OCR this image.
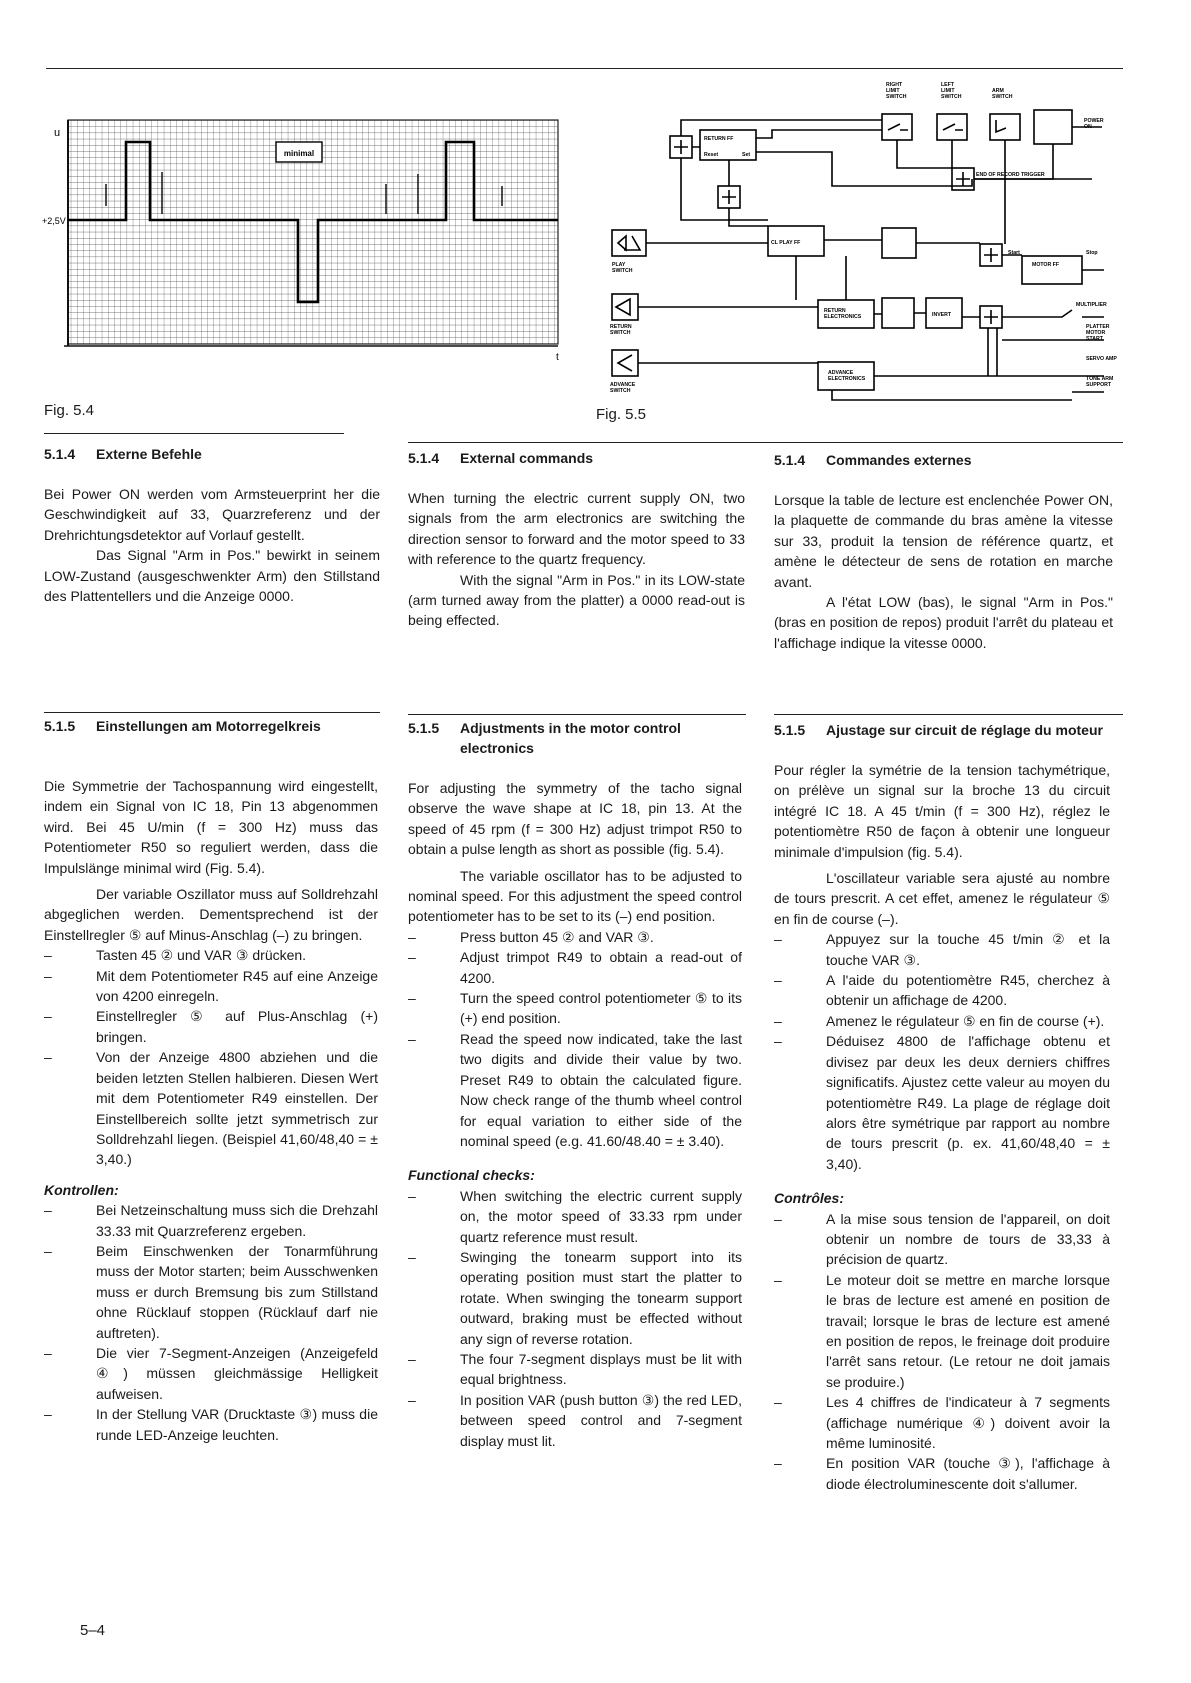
u
+2,5V
t
minimal
Fig. 5.4
RIGHT
LIMIT
SWITCH
LEFT
LIMIT
SWITCH
ARM
SWITCH
POWER
ON
RETURN FF
Reset	Set
END OF RECORD TRIGGER
CL PLAY FF
PLAY
SWITCH
Start	Stop
MOTOR FF
RETURN
ELECTRONICS	INVERT
MULTIPLIER
PLATTER
MOTOR
START
RETURN
SWITCH
SERVO AMP
ADVANCE
ELECTRONICS	TONE ARM
SUPPORT
ADVANCE
SWITCH
Fig. 5.5
5.1.4	Externe Befehle

Bei Power ON werden vom Armsteuerprint her die Geschwindigkeit auf 33, Quarzreferenz und der Drehrichtungsdetektor auf Vorlauf gestellt.

Das Signal "Arm in Pos." bewirkt in seinem LOW-Zustand (ausgeschwenkter Arm) den Stillstand des Plattentellers und die Anzeige 0000.

5.1.4	External commands

When turning the electric current supply ON, two signals from the arm electronics are switching the direction sensor to forward and the motor speed to 33 with reference to the quartz frequency.

With the signal "Arm in Pos." in its LOW-state (arm turned away from the platter) a 0000 read-out is being effected.

5.1.4	Commandes externes

Lorsque la table de lecture est enclenchée Power ON, la plaquette de commande du bras amène la vitesse sur 33, produit la tension de référence quartz, et amène le détecteur de sens de rotation en marche avant.

A l'état LOW (bas), le signal "Arm in Pos." (bras en position de repos) produit l'arrêt du plateau et l'affichage indique la vitesse 0000.

5.1.5	Einstellungen am Motorregelkreis

Die Symmetrie der Tachospannung wird eingestellt, indem ein Signal von IC 18, Pin 13 abgenommen wird. Bei 45 U/min (f = 300 Hz) muss das Potentiometer R50 so reguliert werden, dass die Impulslänge minimal wird (Fig. 5.4).

Der variable Oszillator muss auf Solldrehzahl abgeglichen werden. Dementsprechend ist der Einstellregler ⑤ auf Minus-Anschlag (–) zu bringen.

–	Tasten 45 ② und VAR ③ drücken.
–	Mit dem Potentiometer R45 auf eine Anzeige von 4200 einregeln.
–	Einstellregler ⑤ auf Plus-Anschlag (+) bringen.
–	Von der Anzeige 4800 abziehen und die beiden letzten Stellen halbieren. Diesen Wert mit dem Potentiometer R49 einstellen. Der Einstellbereich sollte jetzt symmetrisch zur Solldrehzahl liegen. (Beispiel 41,60/48,40 = ± 3,40.)
Kontrollen:
–	Bei Netzeinschaltung muss sich die Drehzahl 33.33 mit Quarzreferenz ergeben.
–	Beim Einschwenken der Tonarmführung muss der Motor starten; beim Ausschwenken muss er durch Bremsung bis zum Stillstand ohne Rücklauf stoppen (Rücklauf darf nie auftreten).
–	Die vier 7-Segment-Anzeigen (Anzeigefeld ④) müssen gleichmässige Helligkeit aufweisen.
–	In der Stellung VAR (Drucktaste ③) muss die runde LED-Anzeige leuchten.
5.1.5	Adjustments in the motor control electronics

For adjusting the symmetry of the tacho signal observe the wave shape at IC 18, pin 13. At the speed of 45 rpm (f = 300 Hz) adjust trimpot R50 to obtain a pulse length as short as possible (fig. 5.4).

The variable oscillator has to be adjusted to nominal speed. For this adjustment the speed control potentiometer has to be set to its (–) end position.

–	Press button 45 ② and VAR ③.
–	Adjust trimpot R49 to obtain a read-out of 4200.
–	Turn the speed control potentiometer ⑤ to its (+) end position.
–	Read the speed now indicated, take the last two digits and divide their value by two. Preset R49 to obtain the calculated figure. Now check range of the thumb wheel control for equal variation to either side of the nominal speed (e.g. 41.60/48.40 = ± 3.40).
Functional checks:
–	When switching the electric current supply on, the motor speed of 33.33 rpm under quartz reference must result.
–	Swinging the tonearm support into its operating position must start the platter to rotate. When swinging the tonearm support outward, braking must be effected without any sign of reverse rotation.
–	The four 7-segment displays must be lit with equal brightness.
–	In position VAR (push button ③) the red LED, between speed control and 7-segment display must lit.
5.1.5	Ajustage sur circuit de réglage du moteur

Pour régler la symétrie de la tension tachymétrique, on prélève un signal sur la broche 13 du circuit intégré IC 18. A 45 t/min (f = 300 Hz), réglez le potentiomètre R50 de façon à obtenir une longueur minimale d'impulsion (fig. 5.4).

L'oscillateur variable sera ajusté au nombre de tours prescrit. A cet effet, amenez le régulateur ⑤ en fin de course (–).

–	Appuyez sur la touche 45 t/min ② et la touche VAR ③.
–	A l'aide du potentiomètre R45, cherchez à obtenir un affichage de 4200.
–	Amenez le régulateur ⑤ en fin de course (+).
–	Déduisez 4800 de l'affichage obtenu et divisez par deux les deux derniers chiffres significatifs. Ajustez cette valeur au moyen du potentiomètre R49. La plage de réglage doit alors être symétrique par rapport au nombre de tours prescrit (p. ex. 41,60/48,40 = ± 3,40).
Contrôles:
–	A la mise sous tension de l'appareil, on doit obtenir un nombre de tours de 33,33 à précision de quartz.
–	Le moteur doit se mettre en marche lorsque le bras de lecture est amené en position de travail; lorsque le bras de lecture est amené en position de repos, le freinage doit produire l'arrêt sans retour. (Le retour ne doit jamais se produire.)
–	Les 4 chiffres de l'indicateur à 7 segments (affichage numérique ④) doivent avoir la même luminosité.
–	En position VAR (touche ③), l'affichage à diode électroluminescente doit s'allumer.
5–4
